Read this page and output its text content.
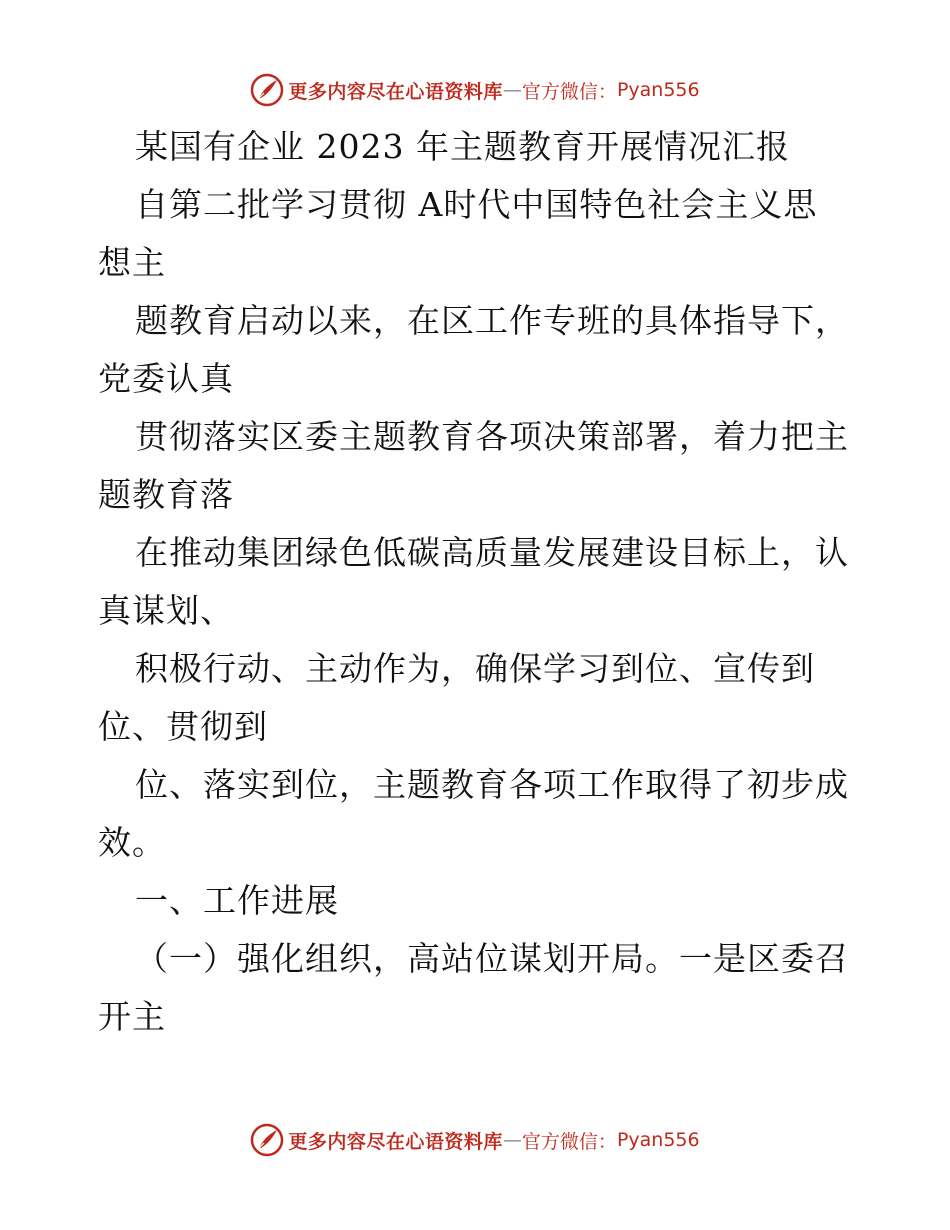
更多内容尽在心语资料库 — 官方微信： Pyan556
某国有企业 2023 年主题教育开展情况汇报
自第二批学习贯彻 A时代中国特色社会主义思
想主
题教育启动以来，在区工作专班的具体指导下，
党委认真
贯彻落实区委主题教育各项决策部署，着力把主
题教育落
在推动集团绿色低碳高质量发展建设目标上，认
真谋划、
积极行动、主动作为，确保学习到位、宣传到
位、贯彻到
位、落实到位，主题教育各项工作取得了初步成
效。
一、工作进展
（一）强化组织，高站位谋划开局。一是区委召
开主
更多内容尽在心语资料库 — 官方微信： Pyan556
